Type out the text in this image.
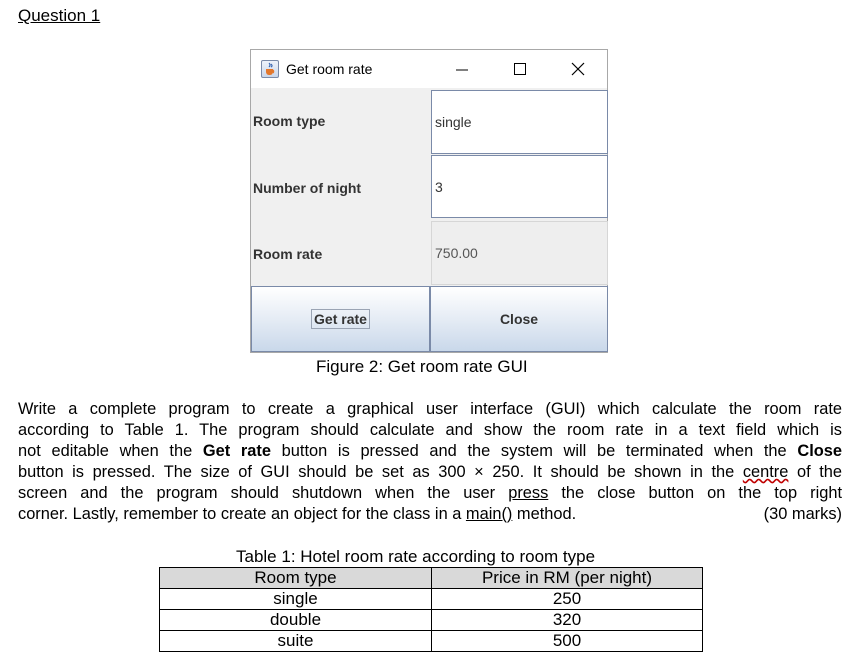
Question 1
Get room rate
Room type	single
Number of night	3
Room rate	750.00
Get rate	Close
Figure 2: Get room rate GUI
Write a complete program to create a graphical user interface (GUI) which calculate the room rate
according to Table 1. The program should calculate and show the room rate in a text field which is
not editable when the Get rate button is pressed and the system will be terminated when the Close
button is pressed. The size of GUI should be set as 300 × 250. It should be shown in the centre of the
screen and the program should shutdown when the user press the close button on the top right
corner. Lastly, remember to create an object for the class in a main() method.	(30 marks)
Table 1: Hotel room rate according to room type
Room type	Price in RM (per night)
single	250
double	320
suite	500
